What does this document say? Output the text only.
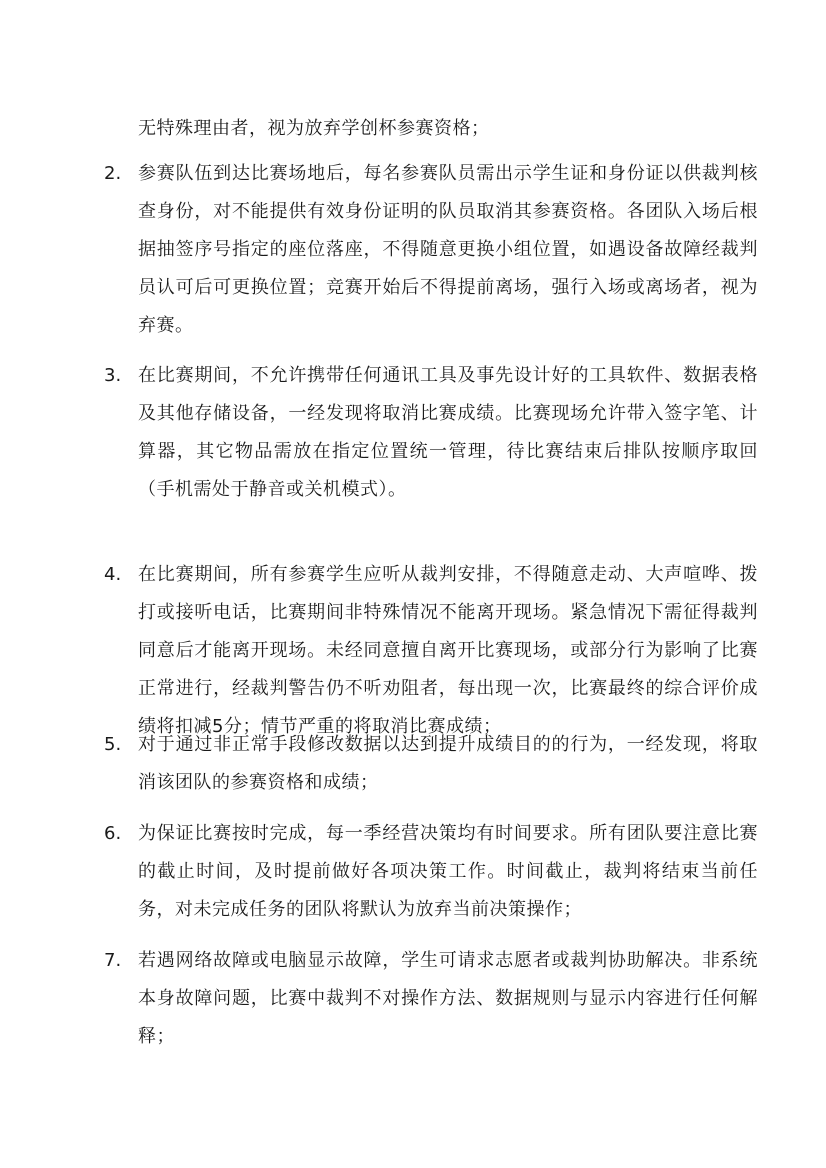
无特殊理由者，视为放弃学创杯参赛资格；

2. 参赛队伍到达比赛场地后，每名参赛队员需出示学生证和身份证以供裁判核查身份，对不能提供有效身份证明的队员取消其参赛资格。各团队入场后根据抽签序号指定的座位落座，不得随意更换小组位置，如遇设备故障经裁判员认可后可更换位置；竞赛开始后不得提前离场，强行入场或离场者，视为弃赛。

3. 在比赛期间，不允许携带任何通讯工具及事先设计好的工具软件、数据表格及其他存储设备，一经发现将取消比赛成绩。比赛现场允许带入签字笔、计算器，其它物品需放在指定位置统一管理，待比赛结束后排队按顺序取回（手机需处于静音或关机模式）。

4. 在比赛期间，所有参赛学生应听从裁判安排，不得随意走动、大声喧哗、拨打或接听电话，比赛期间非特殊情况不能离开现场。紧急情况下需征得裁判同意后才能离开现场。未经同意擅自离开比赛现场，或部分行为影响了比赛正常进行，经裁判警告仍不听劝阻者，每出现一次，比赛最终的综合评价成绩将扣减5分；情节严重的将取消比赛成绩；

5. 对于通过非正常手段修改数据以达到提升成绩目的的行为，一经发现，将取消该团队的参赛资格和成绩；

6. 为保证比赛按时完成，每一季经营决策均有时间要求。所有团队要注意比赛的截止时间，及时提前做好各项决策工作。时间截止，裁判将结束当前任务，对未完成任务的团队将默认为放弃当前决策操作；

7. 若遇网络故障或电脑显示故障，学生可请求志愿者或裁判协助解决。非系统本身故障问题，比赛中裁判不对操作方法、数据规则与显示内容进行任何解释；
